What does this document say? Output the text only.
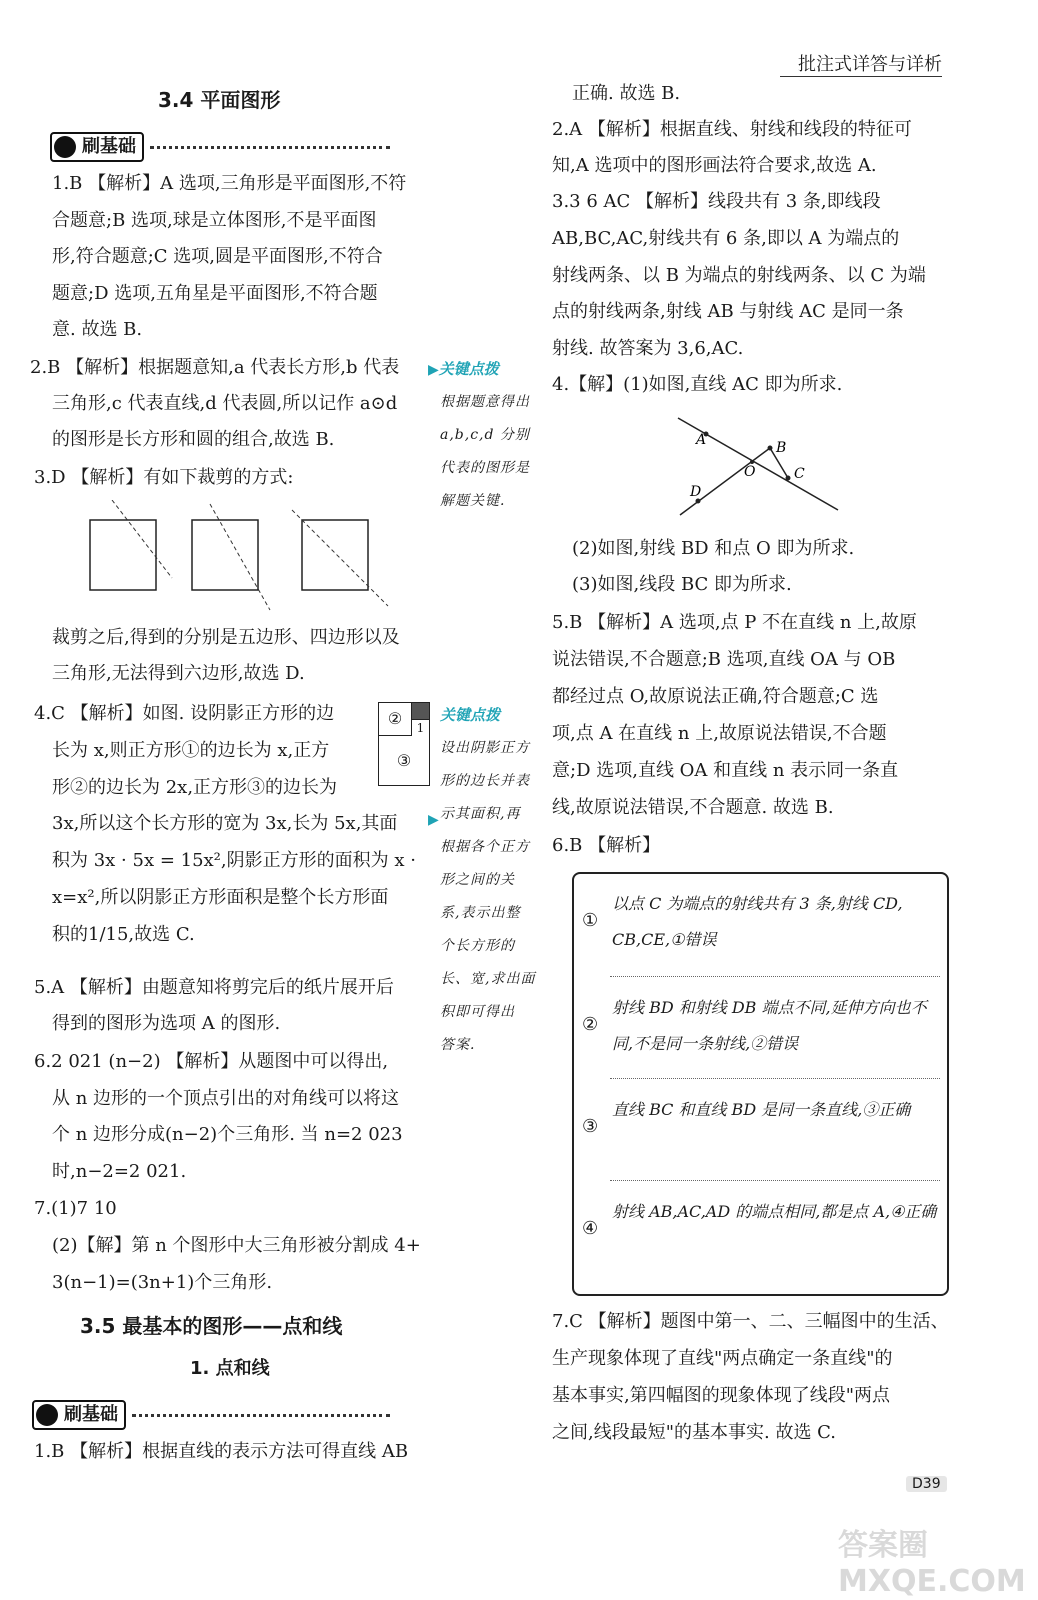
批注式详答与详析
3.4 平面图形
刷基础
1.B 【解析】A 选项,三角形是平面图形,不符
合题意;B 选项,球是立体图形,不是平面图
形,符合题意;C 选项,圆是平面图形,不符合
题意;D 选项,五角星是平面图形,不符合题
意. 故选 B.
2.B 【解析】根据题意知,a 代表长方形,b 代表
三角形,c 代表直线,d 代表圆,所以记作 a⊙d
的图形是长方形和圆的组合,故选 B.
3.D 【解析】有如下裁剪的方式:
裁剪之后,得到的分别是五边形、四边形以及
三角形,无法得到六边形,故选 D.
4.C 【解析】如图. 设阴影正方形的边
长为 x,则正方形①的边长为 x,正方
形②的边长为 2x,正方形③的边长为
3x,所以这个长方形的宽为 3x,长为 5x,其面
积为 3x · 5x = 15x²,阴影正方形的面积为 x ·
x=x²,所以阴影正方形面积是整个长方形面
积的1/15,故选 C.
5.A 【解析】由题意知将剪完后的纸片展开后
得到的图形为选项 A 的图形.
6.2 021 (n−2) 【解析】从题图中可以得出,
从 n 边形的一个顶点引出的对角线可以将这
个 n 边形分成(n−2)个三角形. 当 n=2 023
时,n−2=2 021.
7.(1)7 10
(2)【解】第 n 个图形中大三角形被分割成 4+
3(n−1)=(3n+1)个三角形.
1.B 【解析】根据直线的表示方法可得直线 AB
②	1
③
3.5 最基本的图形——点和线
1. 点和线
刷基础
▶关键点拨
根据题意得出
a,b,c,d 分别
代表的图形是
解题关键.
关键点拨
▶
设出阴影正方
形的边长并表
示其面积,再
根据各个正方
形之间的关
系,表示出整
个长方形的
长、宽,求出面
积即可得出
答案.
正确. 故选 B.
2.A 【解析】根据直线、射线和线段的特征可
知,A 选项中的图形画法符合要求,故选 A.
3.3 6 AC 【解析】线段共有 3 条,即线段
AB,BC,AC,射线共有 6 条,即以 A 为端点的
射线两条、以 B 为端点的射线两条、以 C 为端
点的射线两条,射线 AB 与射线 AC 是同一条
射线. 故答案为 3,6,AC.
4.【解】(1)如图,直线 AC 即为所求.
(2)如图,射线 BD 和点 O 即为所求.
(3)如图,线段 BC 即为所求.
5.B 【解析】A 选项,点 P 不在直线 n 上,故原
说法错误,不合题意;B 选项,直线 OA 与 OB
都经过点 O,故原说法正确,符合题意;C 选
项,点 A 在直线 n 上,故原说法错误,不合题
意;D 选项,直线 OA 和直线 n 表示同一条直
线,故原说法错误,不合题意. 故选 B.
6.B 【解析】
7.C 【解析】题图中第一、二、三幅图中的生活、
生产现象体现了直线"两点确定一条直线"的
基本事实,第四幅图的现象体现了线段"两点
之间,线段最短"的基本事实. 故选 C.
A	B
O	C
D
①
以点 C 为端点的射线共有 3 条,射线 CD, CB,CE,①错误
②
射线 BD 和射线 DB 端点不同,延伸方向也不同,不是同一条射线,②错误
③
直线 BC 和直线 BD 是同一条直线,③正确
④
射线 AB,AC,AD 的端点相同,都是点 A,④正确
D39
答案圈 MXQE.COM
